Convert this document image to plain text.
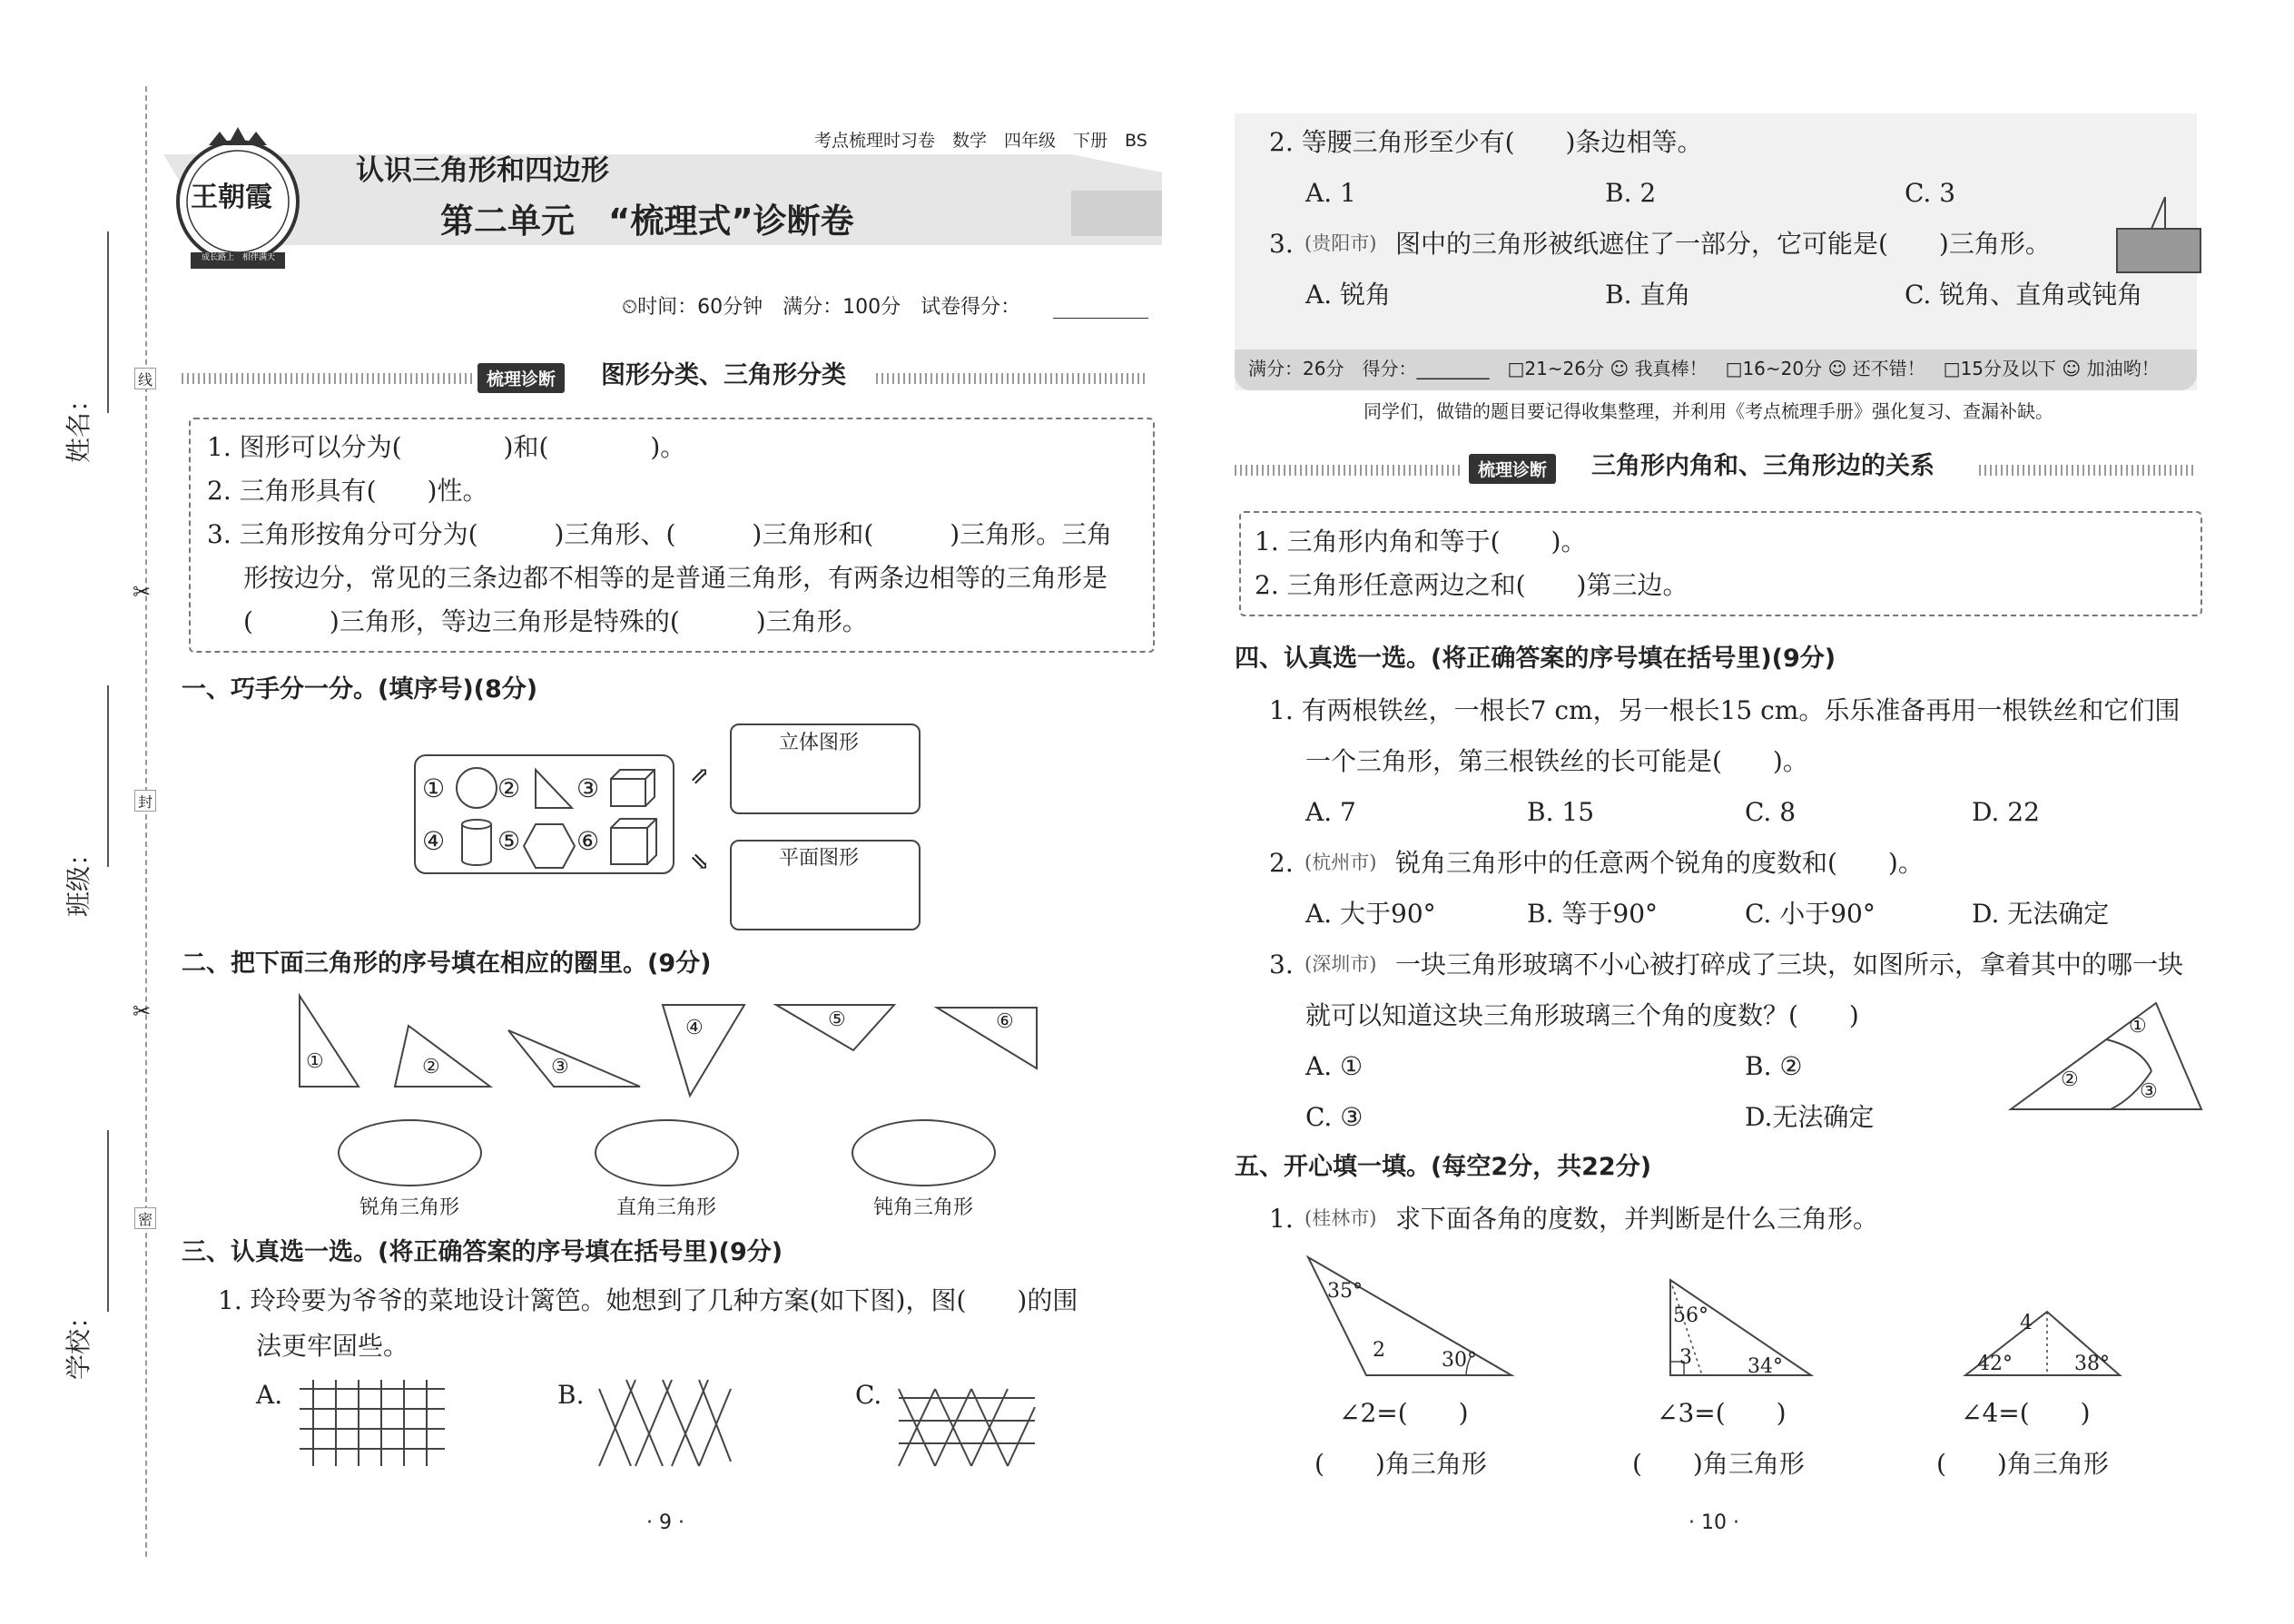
线
封
密
✂
✂
姓名：
班级：
学校：
王朝霞
成长路上　相伴满天
考点梳理时习卷　数学　四年级　下册　BS
认识三角形和四边形
第二单元　“梳理式”诊断卷
⏲时间：60分钟　满分：100分　试卷得分：
梳理诊断	图形分类、三角形分类
1. 图形可以分为(　　　　)和(　　　　)。
2. 三角形具有(　　)性。
3. 三角形按角分可分为(　　　)三角形、(　　　)三角形和(　　　)三角形。三角
形按边分，常见的三条边都不相等的是普通三角形，有两条边相等的三角形是
(　　　)三角形，等边三角形是特殊的(　　　)三角形。
一、巧手分一分。(填序号)(8分)
① ② ③
④ ⑤ ⑥
⇗
⇘
立体图形
平面图形
二、把下面三角形的序号填在相应的圈里。(9分)
①	②	③
④	⑤	⑥
锐角三角形	直角三角形	钝角三角形
三、认真选一选。(将正确答案的序号填在括号里)(9分)
1. 玲玲要为爷爷的菜地设计篱笆。她想到了几种方案(如下图)，图(　　)的围
法更牢固些。
A.	B.	C.
· 9 ·
2. 等腰三角形至少有(　　)条边相等。
A. 1	B. 2	C. 3
3. (贵阳市) 图中的三角形被纸遮住了一部分，它可能是(　　)三角形。
A. 锐角	B. 直角	C. 锐角、直角或钝角
满分：26分　得分：________　□21~26分 ☺ 我真棒！　□16~20分 ☺ 还不错！　□15分及以下 ☺ 加油哟！
同学们，做错的题目要记得收集整理，并利用《考点梳理手册》强化复习、查漏补缺。
梳理诊断	三角形内角和、三角形边的关系
1. 三角形内角和等于(　　)。
2. 三角形任意两边之和(　　)第三边。
四、认真选一选。(将正确答案的序号填在括号里)(9分)
1. 有两根铁丝，一根长7 cm，另一根长15 cm。乐乐准备再用一根铁丝和它们围
一个三角形，第三根铁丝的长可能是(　　)。
A. 7	B. 15	C. 8	D. 22
2. (杭州市) 锐角三角形中的任意两个锐角的度数和(　　)。
A. 大于90°	B. 等于90°	C. 小于90°	D. 无法确定
3. (深圳市) 一块三角形玻璃不小心被打碎成了三块，如图所示，拿着其中的哪一块
就可以知道这块三角形玻璃三个角的度数？(　　)
A. ①	B. ②
C. ③	D.无法确定
①
②
③
五、开心填一填。(每空2分，共22分)
1. (桂林市) 求下面各角的度数，并判断是什么三角形。
35°
2	30°
56°
3	34°
4
42°	38°
∠2=(　　)	∠3=(　　)	∠4=(　　)
(　　)角三角形	(　　)角三角形	(　　)角三角形
· 10 ·
